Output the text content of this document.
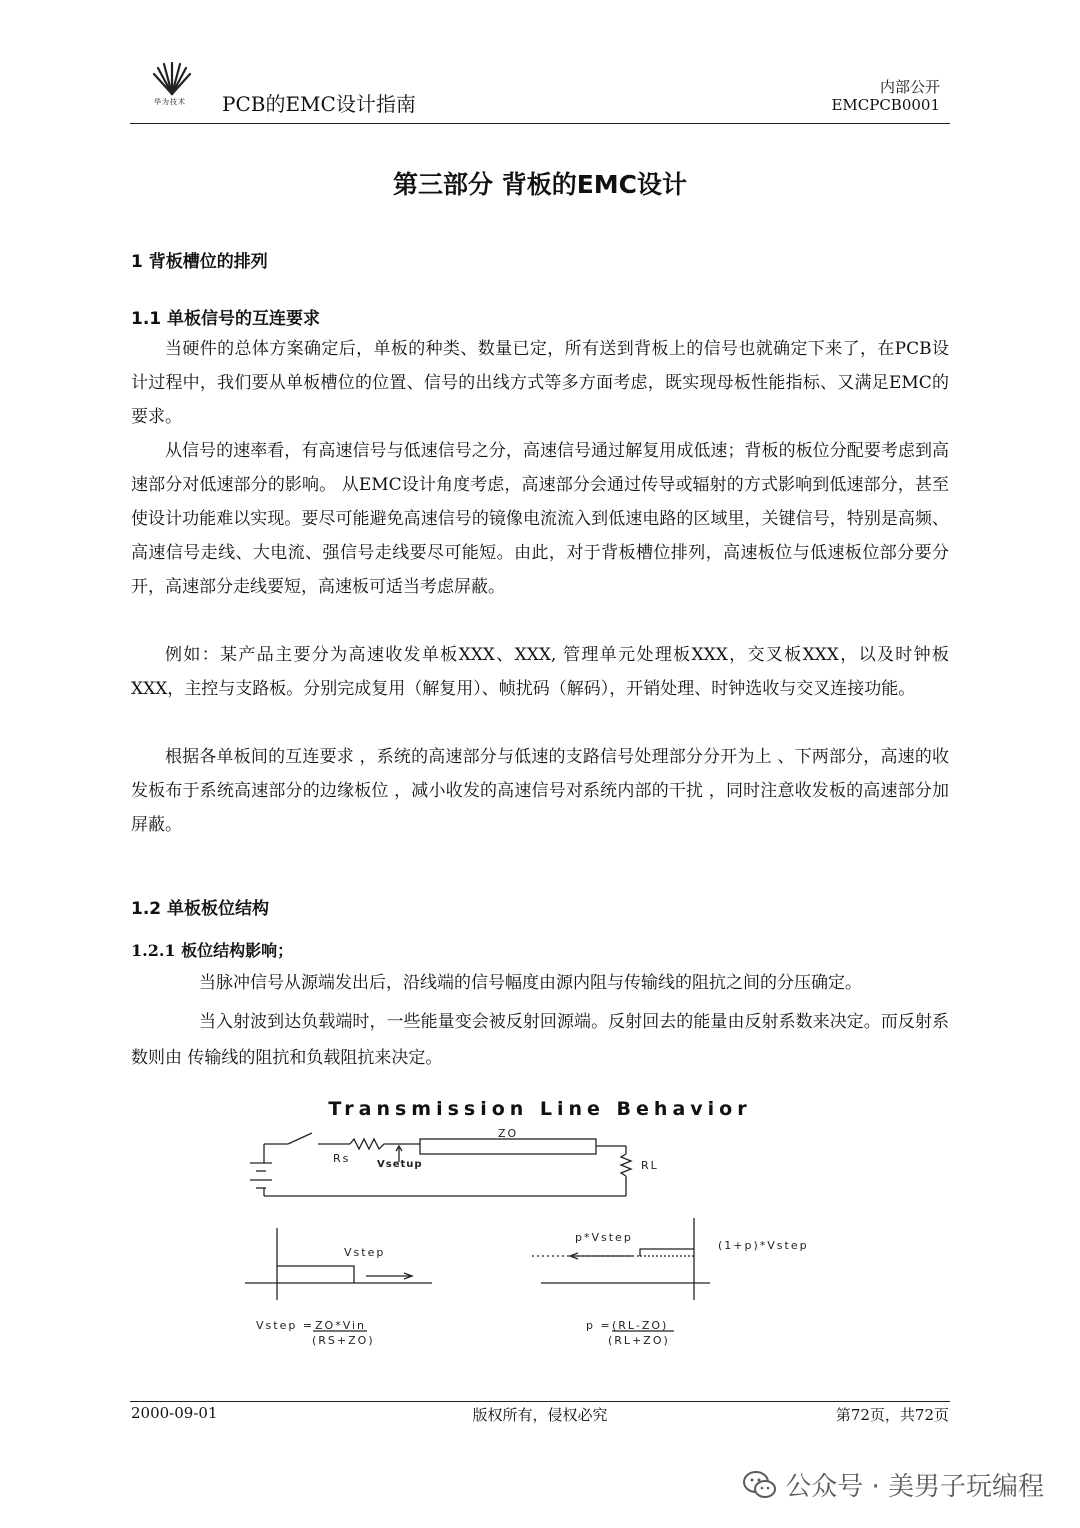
华为技术 PCB的EMC设计指南
内部公开
EMCPCB0001
第三部分 背板的EMC设计
1 背板槽位的排列
1.1 单板信号的互连要求
当硬件的总体方案确定后，单板的种类、数量已定，所有送到背板上的信号也就确定下来了，在PCB设计过程中，我们要从单板槽位的位置、信号的出线方式等多方面考虑，既实现母板性能指标、又满足EMC的要求。
从信号的速率看，有高速信号与低速信号之分，高速信号通过解复用成低速；背板的板位分配要考虑到高速部分对低速部分的影响。 从EMC设计角度考虑，高速部分会通过传导或辐射的方式影响到低速部分，甚至使设计功能难以实现。要尽可能避免高速信号的镜像电流流入到低速电路的区域里，关键信号，特别是高频、高速信号走线、大电流、强信号走线要尽可能短。由此，对于背板槽位排列，高速板位与低速板位部分要分开，高速部分走线要短，高速板可适当考虑屏蔽。
例如：某产品主要分为高速收发单板XXX、XXX, 管理单元处理板XXX，交叉板XXX，以及时钟板XXX，主控与支路板。分别完成复用（解复用）、帧扰码（解码），开销处理、时钟选收与交叉连接功能。
根据各单板间的互连要求 ，系统的高速部分与低速的支路信号处理部分分开为上 、下两部分，高速的收发板布于系统高速部分的边缘板位 ，减小收发的高速信号对系统内部的干扰 ，同时注意收发板的高速部分加屏蔽。
1.2 单板板位结构
1.2.1 板位结构影响；
当脉冲信号从源端发出后，沿线端的信号幅度由源内阻与传输线的阻抗之间的分压确定。
当入射波到达负载端时，一些能量变会被反射回源端。反射回去的能量由反射系数来决定。而反射系数则由 传输线的阻抗和负载阻抗来决定。
Transmission Line Behavior
ZO
Rs	Vsetup	RL
Vstep
p*Vstep
(1+p)*Vstep
Vstep = ZO*Vin
(RS+ZO)
p = (RL-ZO)
(RL+ZO)
2000-09-01	版权所有，侵权必究	第72页，共72页
公众号 · 美男子玩编程
